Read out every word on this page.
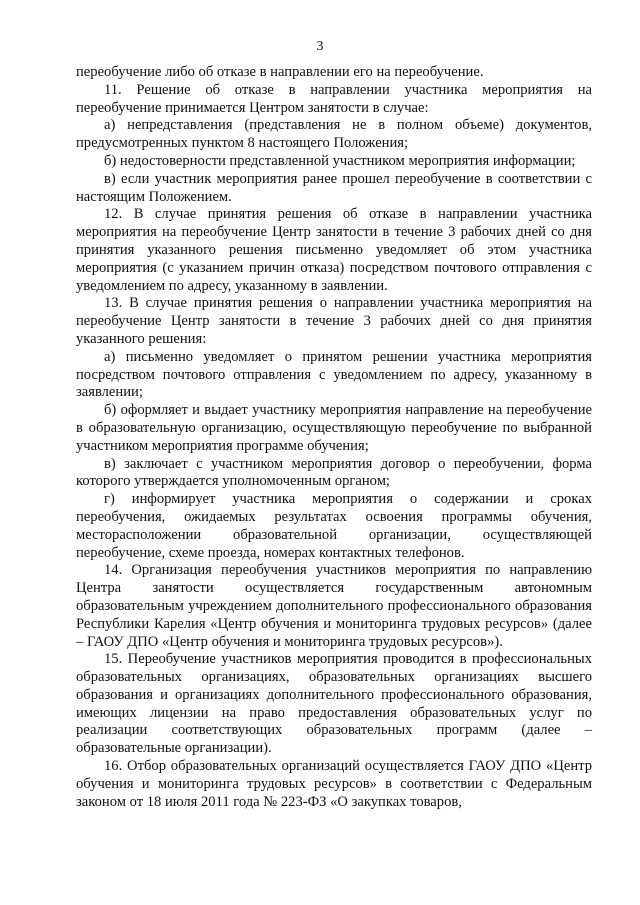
3

переобучение либо об отказе в направлении его на переобучение.

11. Решение об отказе в направлении участника мероприятия на переобучение принимается Центром занятости в случае:

а) непредставления (представления не в полном объеме) документов, предусмотренных пунктом 8 настоящего Положения;

б) недостоверности представленной участником мероприятия информации;

в) если участник мероприятия ранее прошел переобучение в соответствии с настоящим Положением.

12. В случае принятия решения об отказе в направлении участника мероприятия на переобучение Центр занятости в течение 3 рабочих дней со дня принятия указанного решения письменно уведомляет об этом участника мероприятия (с указанием причин отказа) посредством почтового отправления с уведомлением по адресу, указанному в заявлении.

13. В случае принятия решения о направлении участника мероприятия на переобучение Центр занятости в течение 3 рабочих дней со дня принятия указанного решения:

а) письменно уведомляет о принятом решении участника мероприятия посредством почтового отправления с уведомлением по адресу, указанному в заявлении;

б) оформляет и выдает участнику мероприятия направление на переобучение в образовательную организацию, осуществляющую переобучение по выбранной участником мероприятия программе обучения;

в) заключает с участником мероприятия договор о переобучении, форма которого утверждается уполномоченным органом;

г) информирует участника мероприятия о содержании и сроках переобучения, ожидаемых результатах освоения программы обучения, месторасположении образовательной организации, осуществляющей переобучение, схеме проезда, номерах контактных телефонов.

14. Организация переобучения участников мероприятия по направлению Центра занятости осуществляется государственным автономным образовательным учреждением дополнительного профессионального образования Республики Карелия «Центр обучения и мониторинга трудовых ресурсов» (далее – ГАОУ ДПО «Центр обучения и мониторинга трудовых ресурсов»).

15. Переобучение участников мероприятия проводится в профессиональных образовательных организациях, образовательных организациях высшего образования и организациях дополнительного профессионального образования, имеющих лицензии на право предоставления образовательных услуг по реализации соответствующих образовательных программ (далее – образовательные организации).

16. Отбор образовательных организаций осуществляется ГАОУ ДПО «Центр обучения и мониторинга трудовых ресурсов» в соответствии с Федеральным законом от 18 июля 2011 года № 223-ФЗ «О закупках товаров,
